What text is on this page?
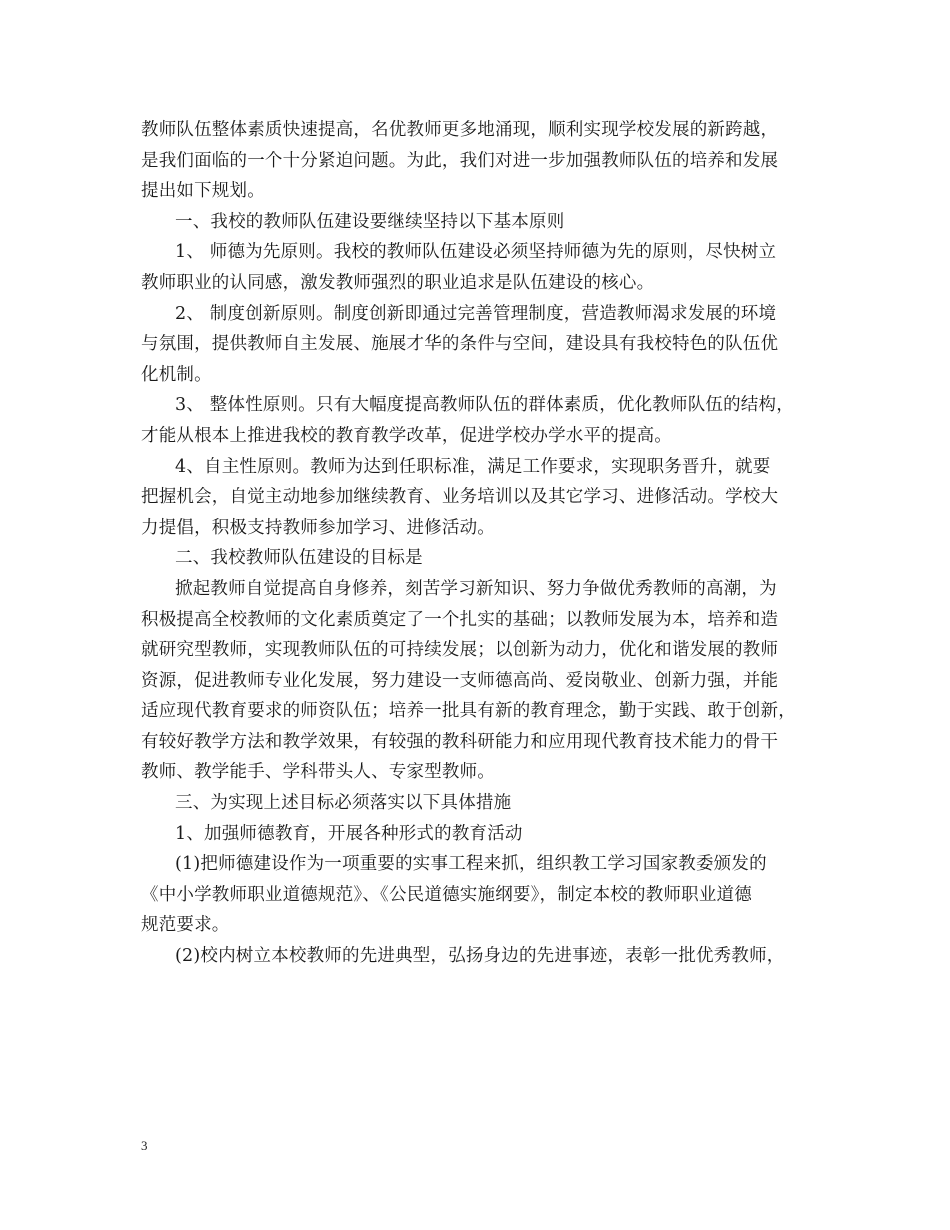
教师队伍整体素质快速提高，名优教师更多地涌现，顺利实现学校发展的新跨越，
是我们面临的一个十分紧迫问题。为此，我们对进一步加强教师队伍的培养和发展
提出如下规划。
一、我校的教师队伍建设要继续坚持以下基本原则
1、 师德为先原则。我校的教师队伍建设必须坚持师德为先的原则，尽快树立
教师职业的认同感，激发教师强烈的职业追求是队伍建设的核心。
2、 制度创新原则。制度创新即通过完善管理制度，营造教师渴求发展的环境
与氛围，提供教师自主发展、施展才华的条件与空间，建设具有我校特色的队伍优
化机制。
3、 整体性原则。只有大幅度提高教师队伍的群体素质，优化教师队伍的结构，
才能从根本上推进我校的教育教学改革，促进学校办学水平的提高。
4、自主性原则。教师为达到任职标准，满足工作要求，实现职务晋升，就要
把握机会，自觉主动地参加继续教育、业务培训以及其它学习、进修活动。学校大
力提倡，积极支持教师参加学习、进修活动。
二、我校教师队伍建设的目标是
掀起教师自觉提高自身修养，刻苦学习新知识、努力争做优秀教师的高潮，为
积极提高全校教师的文化素质奠定了一个扎实的基础；以教师发展为本，培养和造
就研究型教师，实现教师队伍的可持续发展；以创新为动力，优化和谐发展的教师
资源，促进教师专业化发展，努力建设一支师德高尚、爱岗敬业、创新力强，并能
适应现代教育要求的师资队伍；培养一批具有新的教育理念，勤于实践、敢于创新，
有较好教学方法和教学效果，有较强的教科研能力和应用现代教育技术能力的骨干
教师、教学能手、学科带头人、专家型教师。
三、为实现上述目标必须落实以下具体措施
1、加强师德教育，开展各种形式的教育活动
(1)把师德建设作为一项重要的实事工程来抓，组织教工学习国家教委颁发的
《中小学教师职业道德规范》、《公民道德实施纲要》，制定本校的教师职业道德
规范要求。
(2)校内树立本校教师的先进典型，弘扬身边的先进事迹，表彰一批优秀教师，
3
